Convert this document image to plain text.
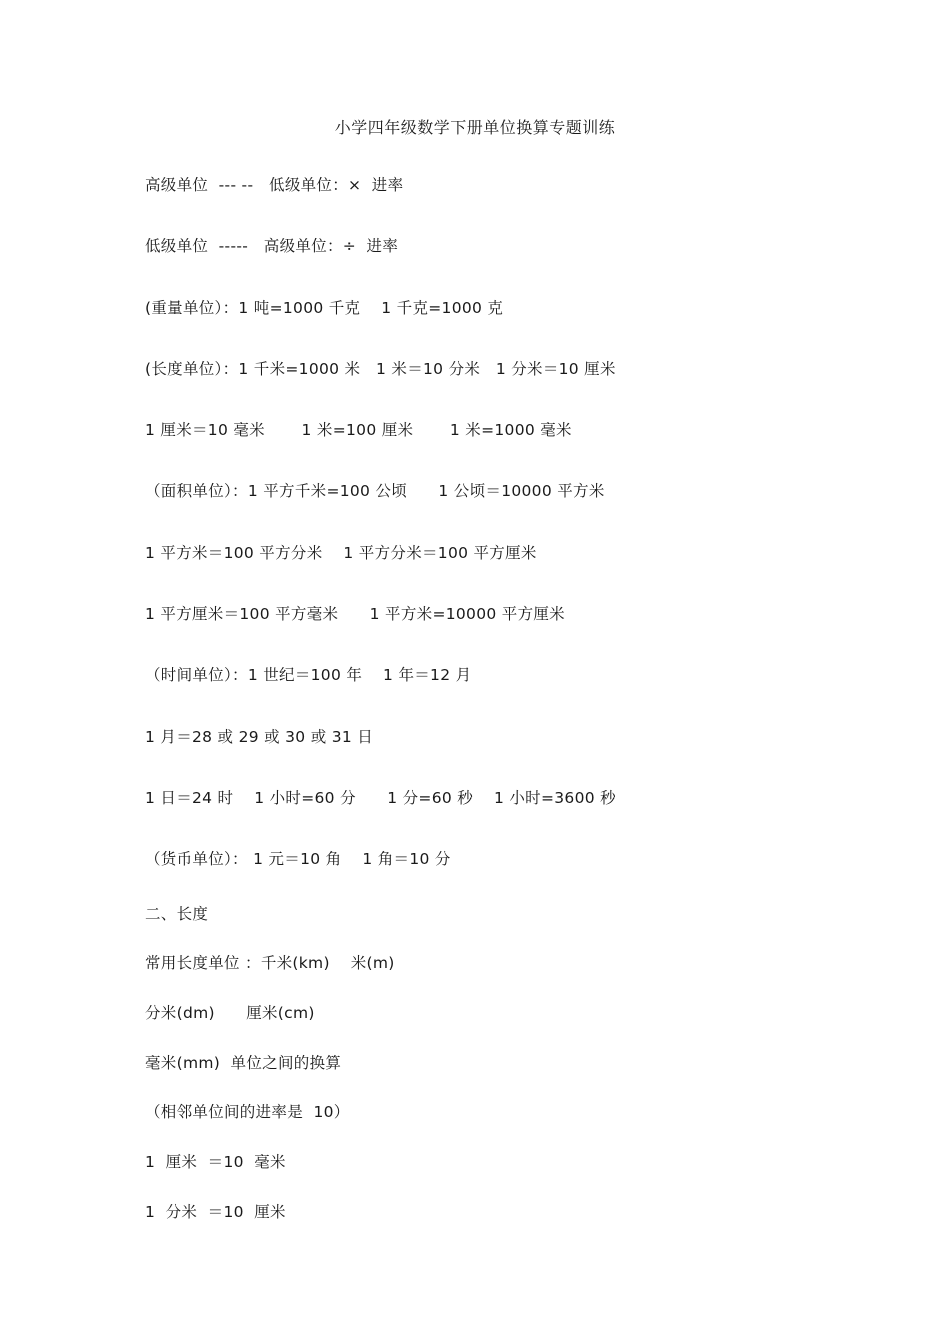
小学四年级数学下册单位换算专题训练
高级单位  --- --   低级单位：×  进率
低级单位  -----   高级单位：÷  进率
(重量单位）：1 吨=1000 千克    1 千克=1000 克
(长度单位）：1 千米=1000 米   1 米＝10 分米   1 分米＝10 厘米
1 厘米＝10 毫米       1 米=100 厘米       1 米=1000 毫米
（面积单位）：1 平方千米=100 公顷      1 公顷＝10000 平方米
1 平方米＝100 平方分米    1 平方分米＝100 平方厘米
1 平方厘米＝100 平方毫米      1 平方米=10000 平方厘米
（时间单位）：1 世纪＝100 年    1 年＝12 月
1 月＝28 或 29 或 30 或 31 日
1 日＝24 时    1 小时=60 分      1 分=60 秒    1 小时=3600 秒
（货币单位）： 1 元＝10 角    1 角＝10 分
二、长度
常用长度单位 ：千米(km)    米(m)
分米(dm)      厘米(cm)
毫米(mm)  单位之间的换算
（相邻单位间的进率是  10）
1  厘米  ＝10  毫米
1  分米  ＝10  厘米
